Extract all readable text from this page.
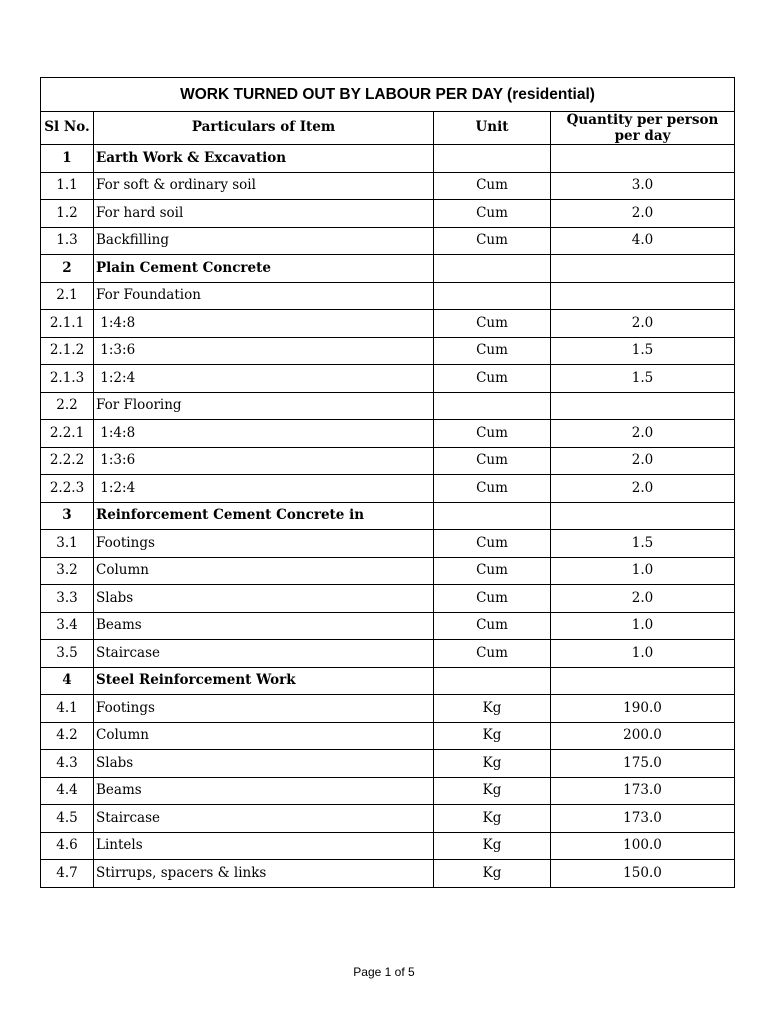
WORK TURNED OUT BY LABOUR PER DAY (residential)			
Sl No.	Particulars of Item	Unit	Quantity per person per day
1	Earth Work & Excavation		
1.1	For soft & ordinary soil	Cum	3.0
1.2	For hard soil	Cum	2.0
1.3	Backfilling	Cum	4.0
2	Plain Cement Concrete		
2.1	For Foundation		
2.1.1	1:4:8	Cum	2.0
2.1.2	1:3:6	Cum	1.5
2.1.3	1:2:4	Cum	1.5
2.2	For Flooring		
2.2.1	1:4:8	Cum	2.0
2.2.2	1:3:6	Cum	2.0
2.2.3	1:2:4	Cum	2.0
3	Reinforcement Cement Concrete in		
3.1	Footings	Cum	1.5
3.2	Column	Cum	1.0
3.3	Slabs	Cum	2.0
3.4	Beams	Cum	1.0
3.5	Staircase	Cum	1.0
4	Steel Reinforcement Work		
4.1	Footings	Kg	190.0
4.2	Column	Kg	200.0
4.3	Slabs	Kg	175.0
4.4	Beams	Kg	173.0
4.5	Staircase	Kg	173.0
4.6	Lintels	Kg	100.0
4.7	Stirrups, spacers & links	Kg	150.0
Page 1 of 5
